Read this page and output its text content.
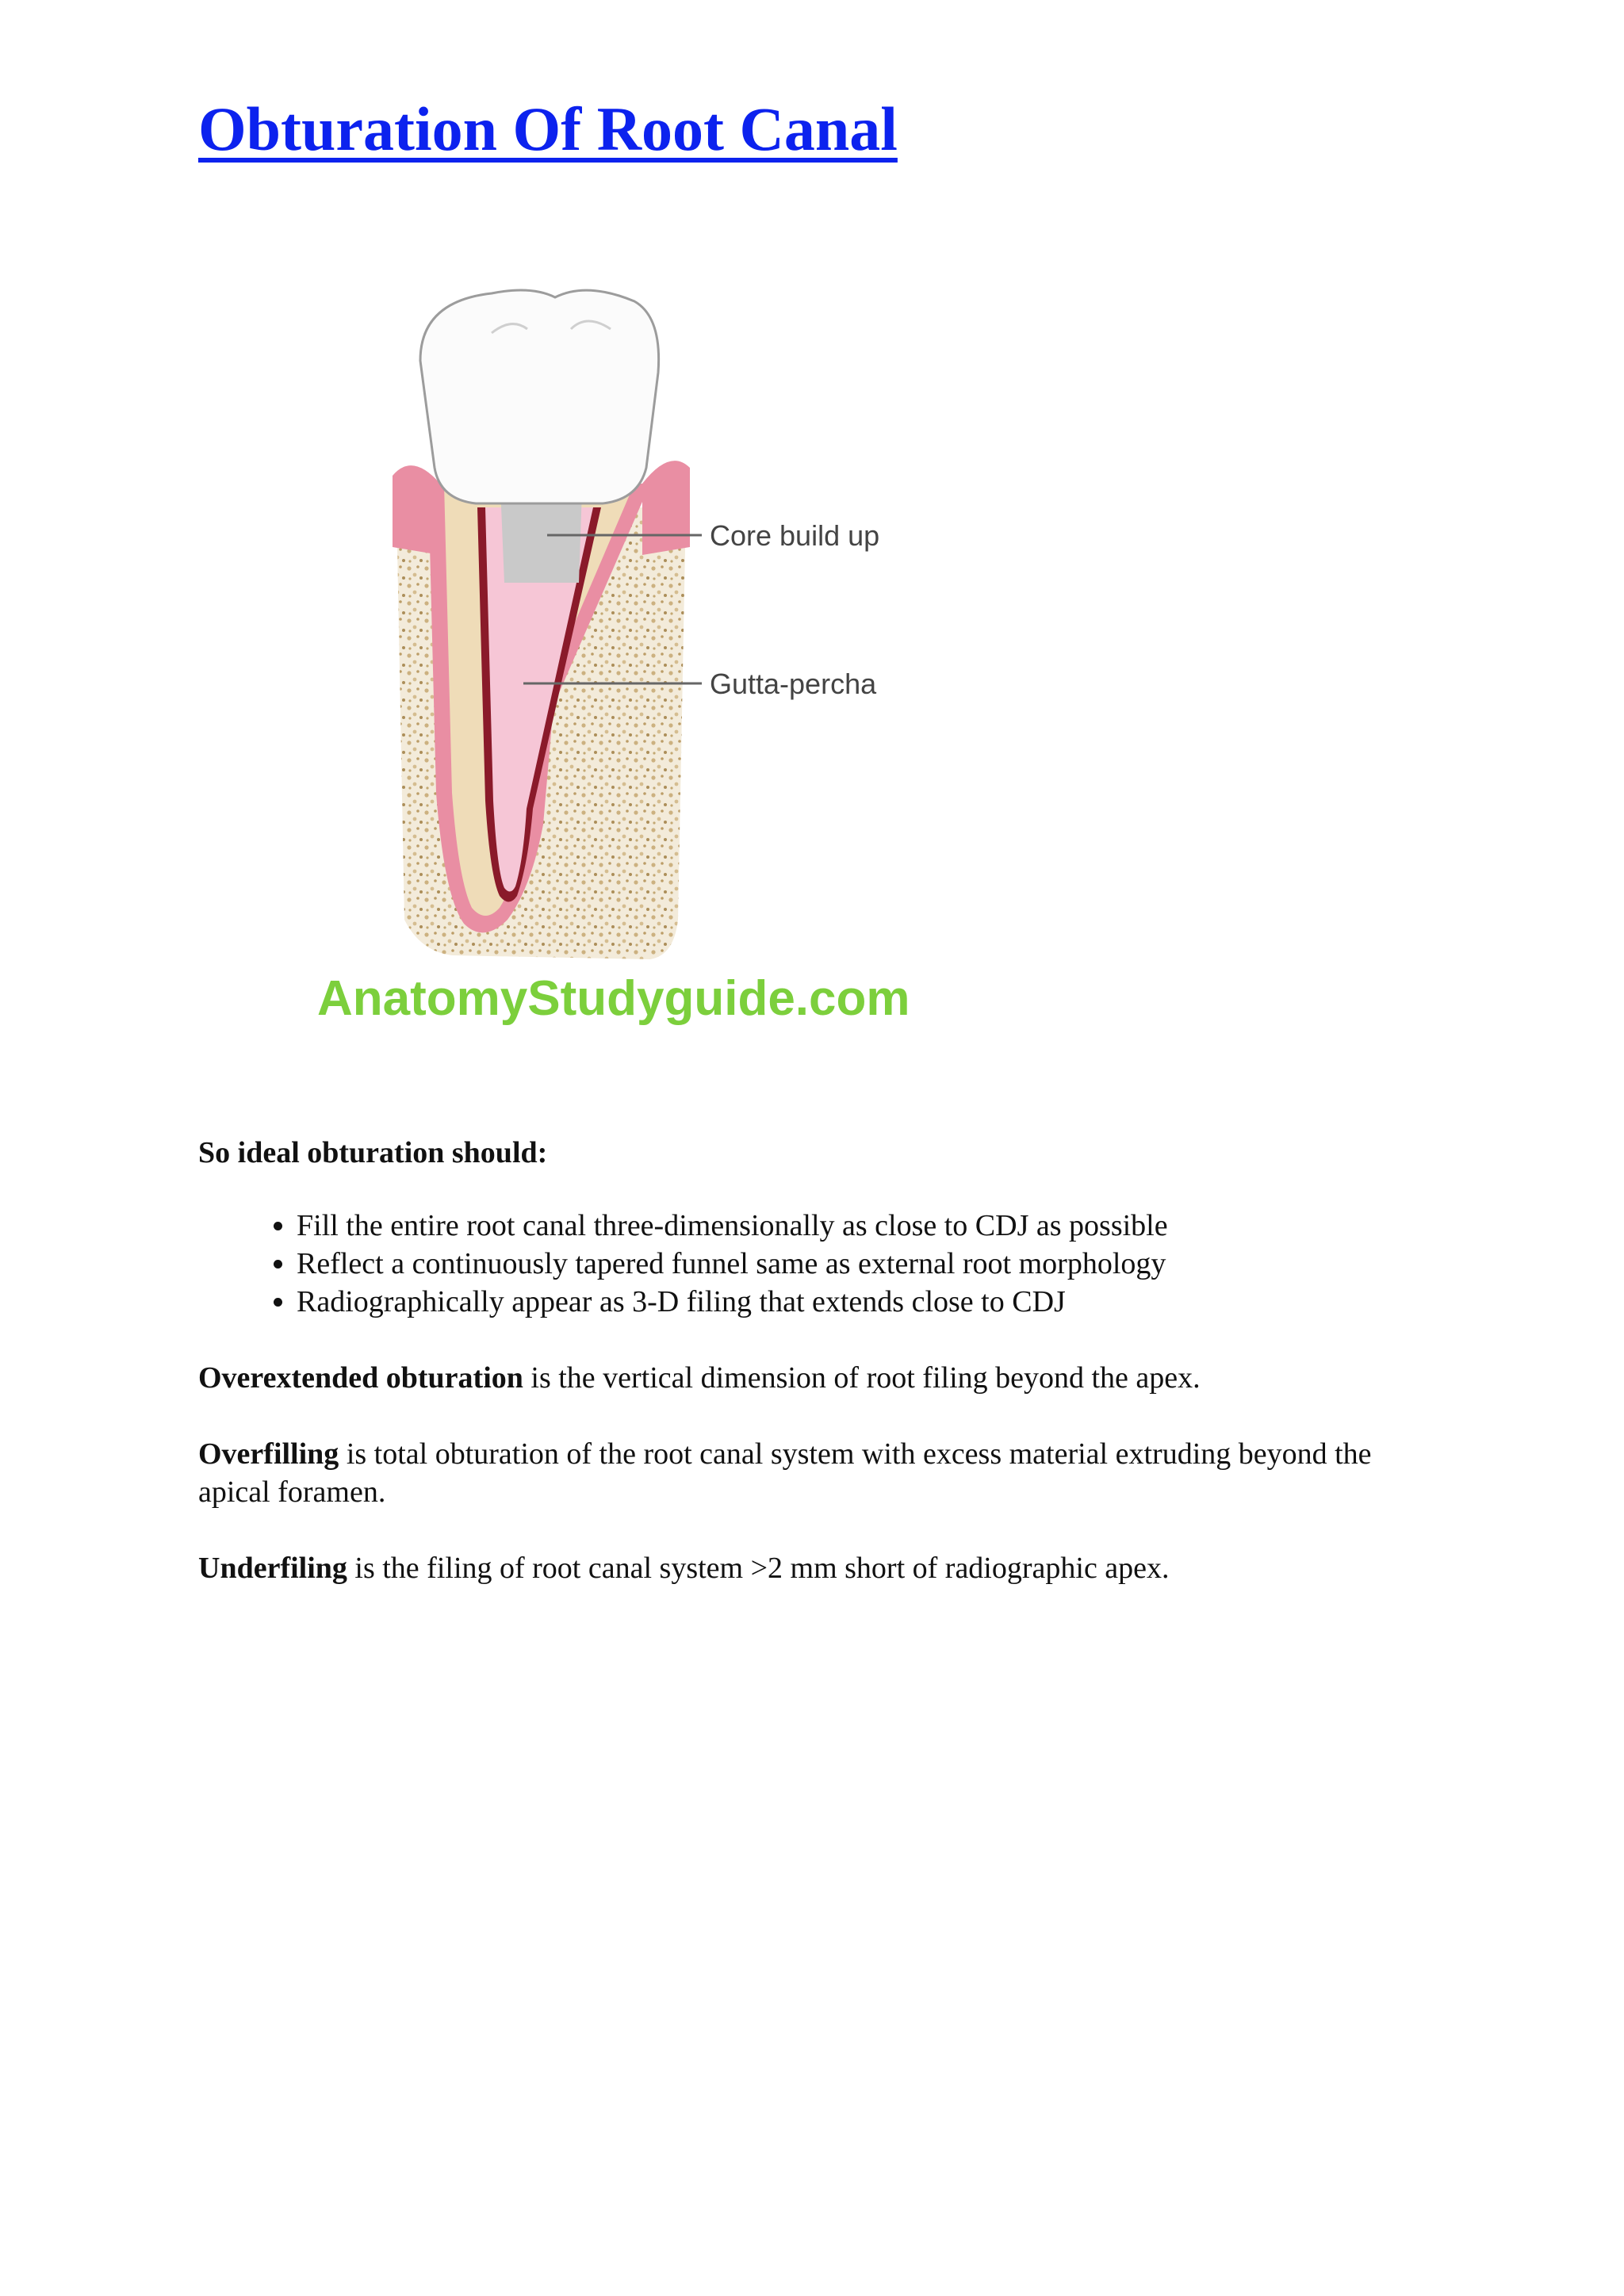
Obturation Of Root Canal
Core build up
Gutta-percha
AnatomyStudyguide.com

So ideal obturation should:

• Fill the entire root canal three-dimensionally as close to CDJ as possible
• Reflect a continuously tapered funnel same as external root morphology
• Radiographically appear as 3-D filing that extends close to CDJ

Overextended obturation is the vertical dimension of root filing beyond the apex.

Overfilling is total obturation of the root canal system with excess material extruding beyond the apical foramen.

Underfiling is the filing of root canal system >2 mm short of radiographic apex.
